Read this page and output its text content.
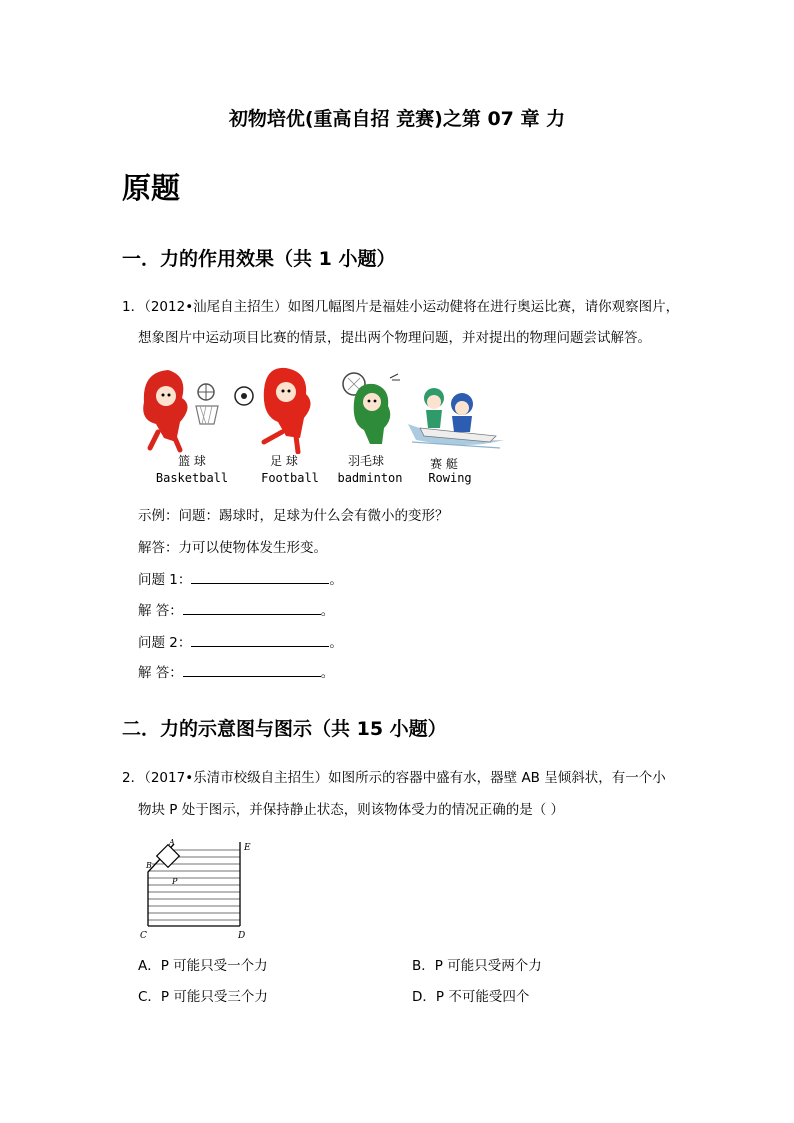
初物培优(重高自招 竞赛)之第 07 章 力
原题
一．力的作用效果（共 1 小题）
1．（2012•汕尾自主招生）如图几幅图片是福娃小运动健将在进行奥运比赛，请你观察图片，
想象图片中运动项目比赛的情景，提出两个物理问题，并对提出的物理问题尝试解答。
篮 球
Basketball
足 球
Football
羽毛球
badminton
赛 艇
Rowing
示例：问题：踢球时，足球为什么会有微小的变形？
解答：力可以使物体发生形变。
问题 1：	。
解 答：	。
问题 2：	。
解 答：	。
二．力的示意图与图示（共 15 小题）
2．（2017•乐清市校级自主招生）如图所示的容器中盛有水，器壁 AB 呈倾斜状，有一个小
物块 P 处于图示，并保持静止状态，则该物体受力的情况正确的是（ ）
A
B
P
C	D
E
A．P 可能只受一个力	B．P 可能只受两个力
C．P 可能只受三个力	D．P 不可能受四个
